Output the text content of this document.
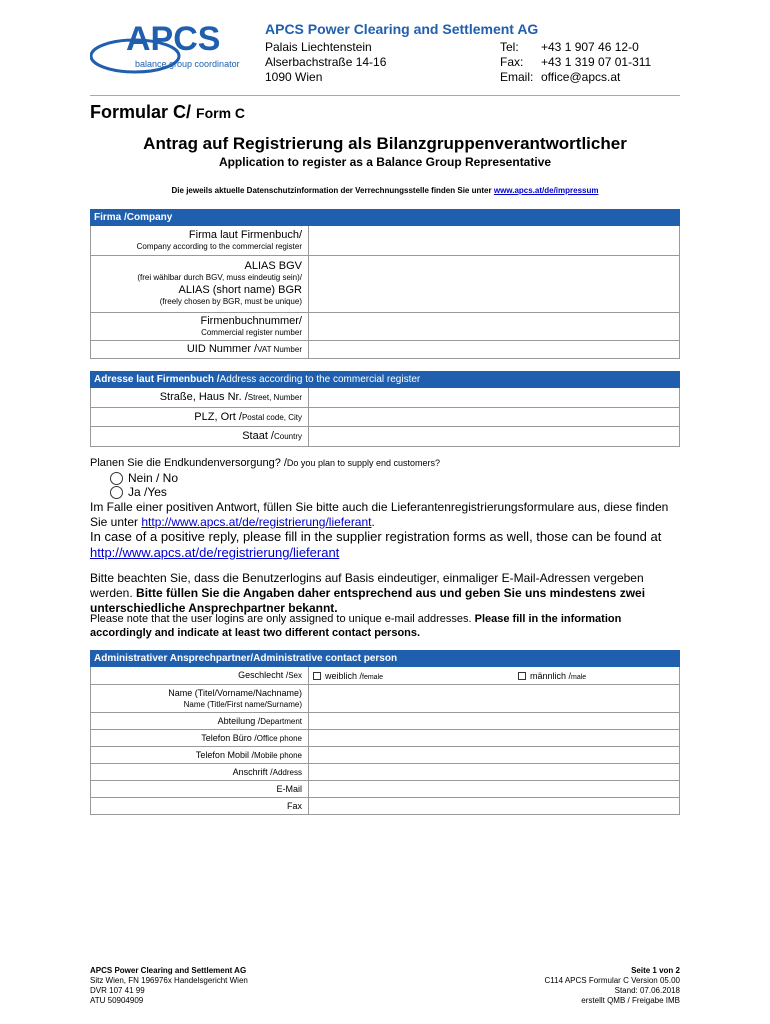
APCS
balance group coordinator
APCS Power Clearing and Settlement AG
Palais Liechtenstein
Alserbachstraße 14-16
1090 Wien
Tel:
Fax:
Email:
+43 1 907 46 12-0
+43 1 319 07 01-311
office@apcs.at
Formular C/ Form C
Antrag auf Registrierung als Bilanzgruppenverantwortlicher
Application to register as a Balance Group Representative
Die jeweils aktuelle Datenschutzinformation der Verrechnungsstelle finden Sie unter www.apcs.at/de/impressum
Firma /Company
Firma laut Firmenbuch/
Company according to the commercial register
ALIAS BGV
(frei wählbar durch BGV, muss eindeutig sein)/
ALIAS (short name) BGR
(freely chosen by BGR, must be unique)
Firmenbuchnummer/
Commercial register number
UID Nummer /VAT Number
Adresse laut Firmenbuch /Address according to the commercial register
Straße, Haus Nr. /Street, Number
PLZ, Ort /Postal code, City
Staat /Country
Planen Sie die Endkundenversorgung? /Do you plan to supply end customers?
Nein / No
Ja /Yes
Im Falle einer positiven Antwort, füllen Sie bitte auch die Lieferantenregistrierungsformulare aus, diese finden Sie unter http://www.apcs.at/de/registrierung/lieferant.
In case of a positive reply, please fill in the supplier registration forms as well, those can be found at http://www.apcs.at/de/registrierung/lieferant
Bitte beachten Sie, dass die Benutzerlogins auf Basis eindeutiger, einmaliger E-Mail-Adressen vergeben werden. Bitte füllen Sie die Angaben daher entsprechend aus und geben Sie uns mindestens zwei unterschiedliche Ansprechpartner bekannt.
Please note that the user logins are only assigned to unique e-mail addresses. Please fill in the information accordingly and indicate at least two different contact persons.
Administrativer Ansprechpartner/Administrative contact person
Geschlecht /Sex	weiblich /female	männlich /male
Name (Titel/Vorname/Nachname)
Name (Title/First name/Surname)
Abteilung /Department
Telefon Büro /Office phone
Telefon Mobil /Mobile phone
Anschrift /Address
E-Mail
Fax
APCS Power Clearing and Settlement AG
Sitz Wien, FN 196976x Handelsgericht Wien
DVR 107 41 99
ATU 50904909
Seite 1 von 2
C114 APCS Formular C Version 05.00
Stand: 07.06.2018
erstellt QMB / Freigabe IMB
